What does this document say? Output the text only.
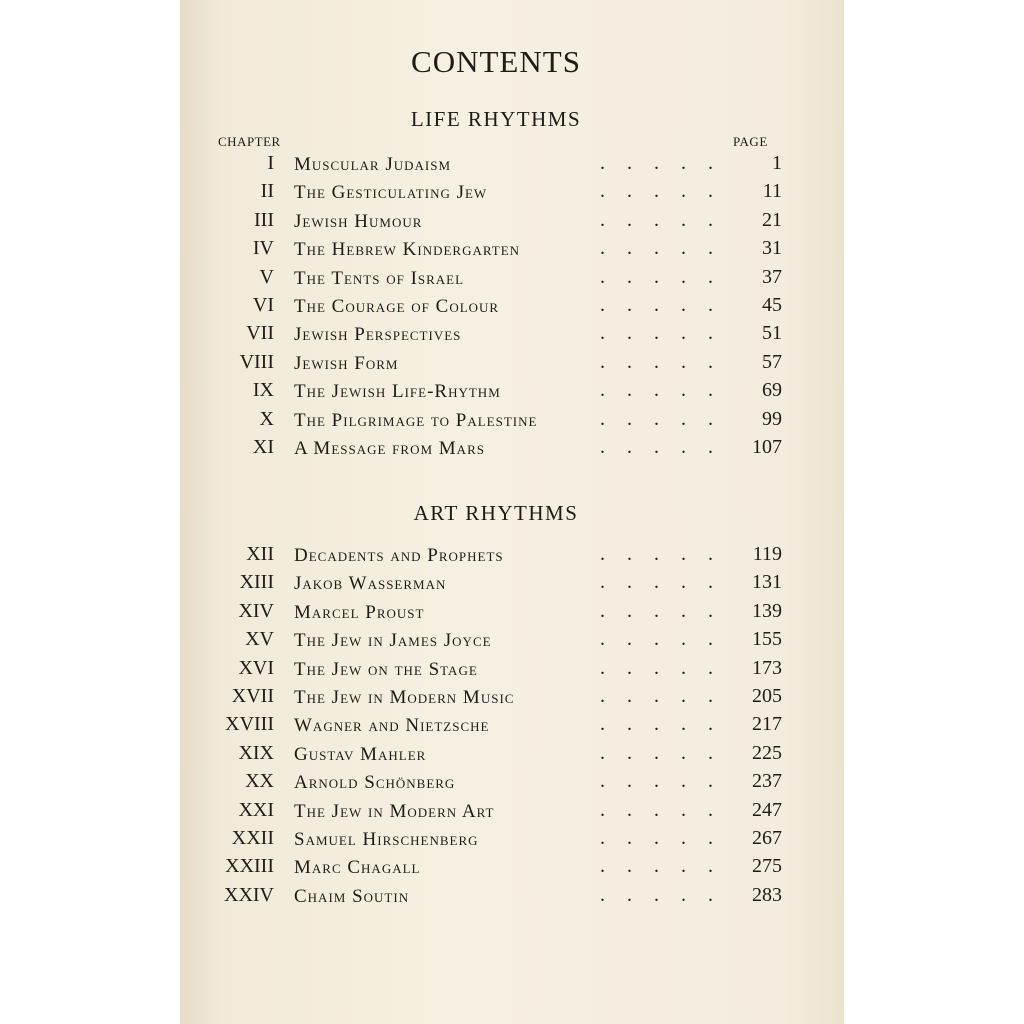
CONTENTS
LIFE RHYTHMS
CHAPTER	PAGE
I Muscular Judaism	.....	1
II The Gesticulating Jew	.....	11
III Jewish Humour	.....	21
IV The Hebrew Kindergarten	.....	31
V The Tents of Israel	.....	37
VI The Courage of Colour	.....	45
VII Jewish Perspectives	.....	51
VIII Jewish Form	.....	57
IX The Jewish Life-Rhythm	.....	69
X The Pilgrimage to Palestine	.....	99
XI A Message from Mars	..... 107
ART RHYTHMS
XII Decadents and Prophets	..... 119
XIII Jakob Wasserman	..... 131
XIV Marcel Proust	..... 139
XV The Jew in James Joyce	..... 155
XVI The Jew on the Stage	..... 173
XVII The Jew in Modern Music	..... 205
XVIII Wagner and Nietzsche	..... 217
XIX Gustav Mahler	..... 225
XX Arnold Schönberg	..... 237
XXI The Jew in Modern Art	..... 247
XXII Samuel Hirschenberg	..... 267
XXIII Marc Chagall	..... 275
XXIV Chaim Soutin	..... 283
